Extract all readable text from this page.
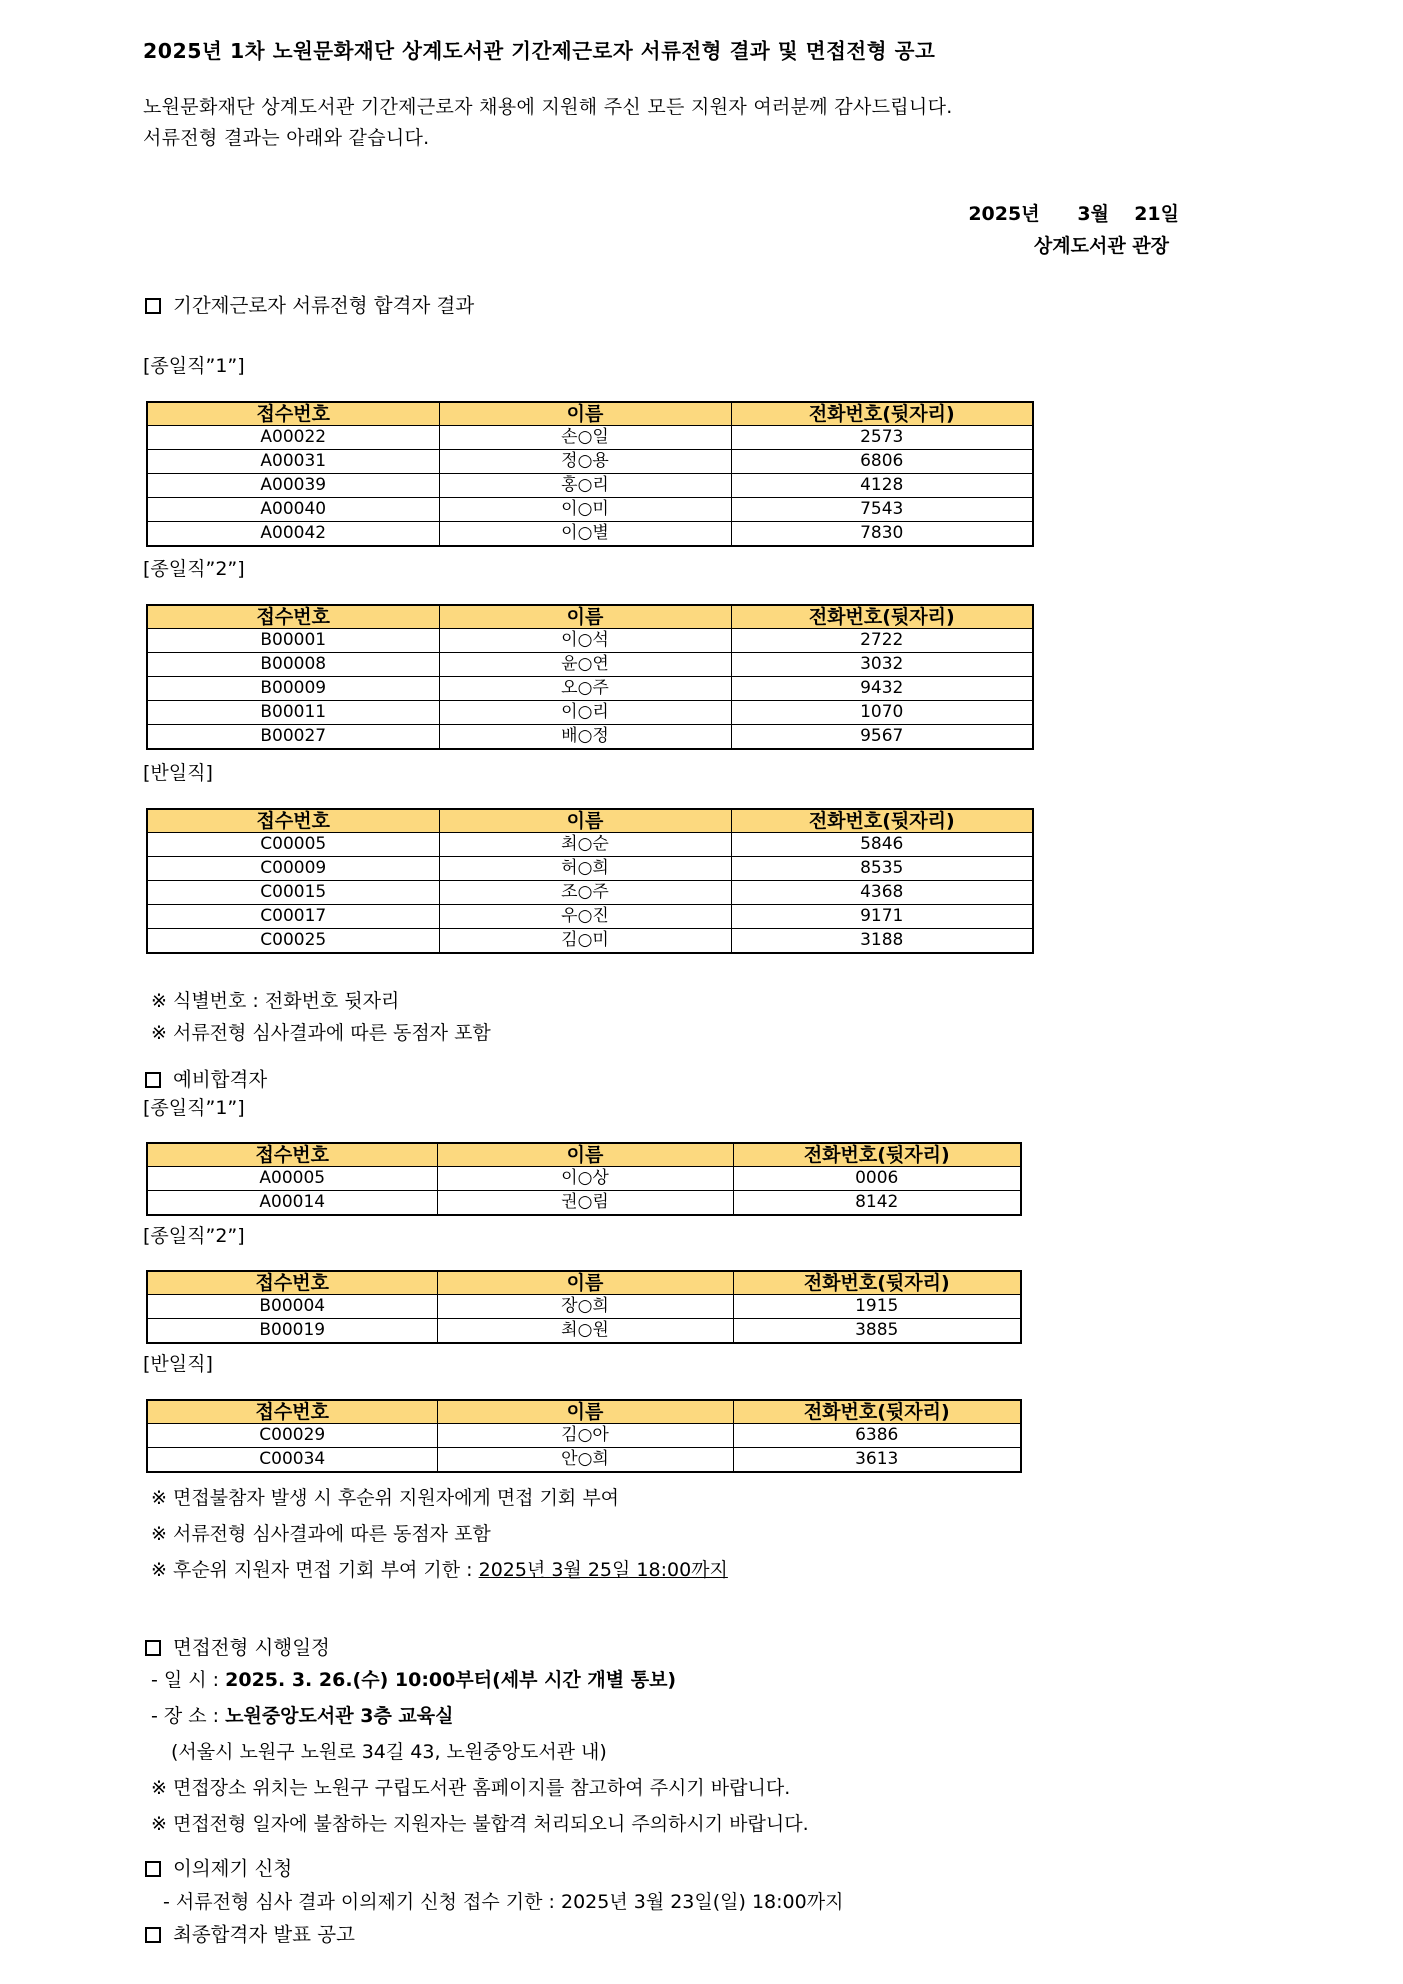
2025년 1차 노원문화재단 상계도서관 기간제근로자 서류전형 결과 및 면접전형 공고
노원문화재단 상계도서관 기간제근로자 채용에 지원해 주신 모든 지원자 여러분께 감사드립니다.
서류전형 결과는 아래와 같습니다.
2025년   3월  21일
상계도서관 관장
기간제근로자 서류전형 합격자 결과
[종일직”1”]
접수번호	이름	전화번호(뒷자리)
A00022	손○일	2573
A00031	정○용	6806
A00039	홍○리	4128
A00040	이○미	7543
A00042	이○별	7830
[종일직”2”]
접수번호	이름	전화번호(뒷자리)
B00001	이○석	2722
B00008	윤○연	3032
B00009	오○주	9432
B00011	이○리	1070
B00027	배○정	9567
[반일직]
접수번호	이름	전화번호(뒷자리)
C00005	최○순	5846
C00009	허○희	8535
C00015	조○주	4368
C00017	우○진	9171
C00025	김○미	3188
※ 식별번호 : 전화번호 뒷자리
※ 서류전형 심사결과에 따른 동점자 포함
예비합격자
[종일직”1”]
접수번호	이름	전화번호(뒷자리)
A00005	이○상	0006
A00014	권○림	8142
[종일직”2”]
접수번호	이름	전화번호(뒷자리)
B00004	장○희	1915
B00019	최○원	3885
[반일직]
접수번호	이름	전화번호(뒷자리)
C00029	김○아	6386
C00034	안○희	3613
※ 면접불참자 발생 시 후순위 지원자에게 면접 기회 부여
※ 서류전형 심사결과에 따른 동점자 포함
※ 후순위 지원자 면접 기회 부여 기한 : 2025년 3월 25일 18:00까지
면접전형 시행일정
- 일 시 : 2025. 3. 26.(수) 10:00부터(세부 시간 개별 통보)
- 장 소 : 노원중앙도서관 3층 교육실
(서울시 노원구 노원로 34길 43, 노원중앙도서관 내)
※ 면접장소 위치는 노원구 구립도서관 홈페이지를 참고하여 주시기 바랍니다.
※ 면접전형 일자에 불참하는 지원자는 불합격 처리되오니 주의하시기 바랍니다.
이의제기 신청
- 서류전형 심사 결과 이의제기 신청 접수 기한 : 2025년 3월 23일(일) 18:00까지
최종합격자 발표 공고
